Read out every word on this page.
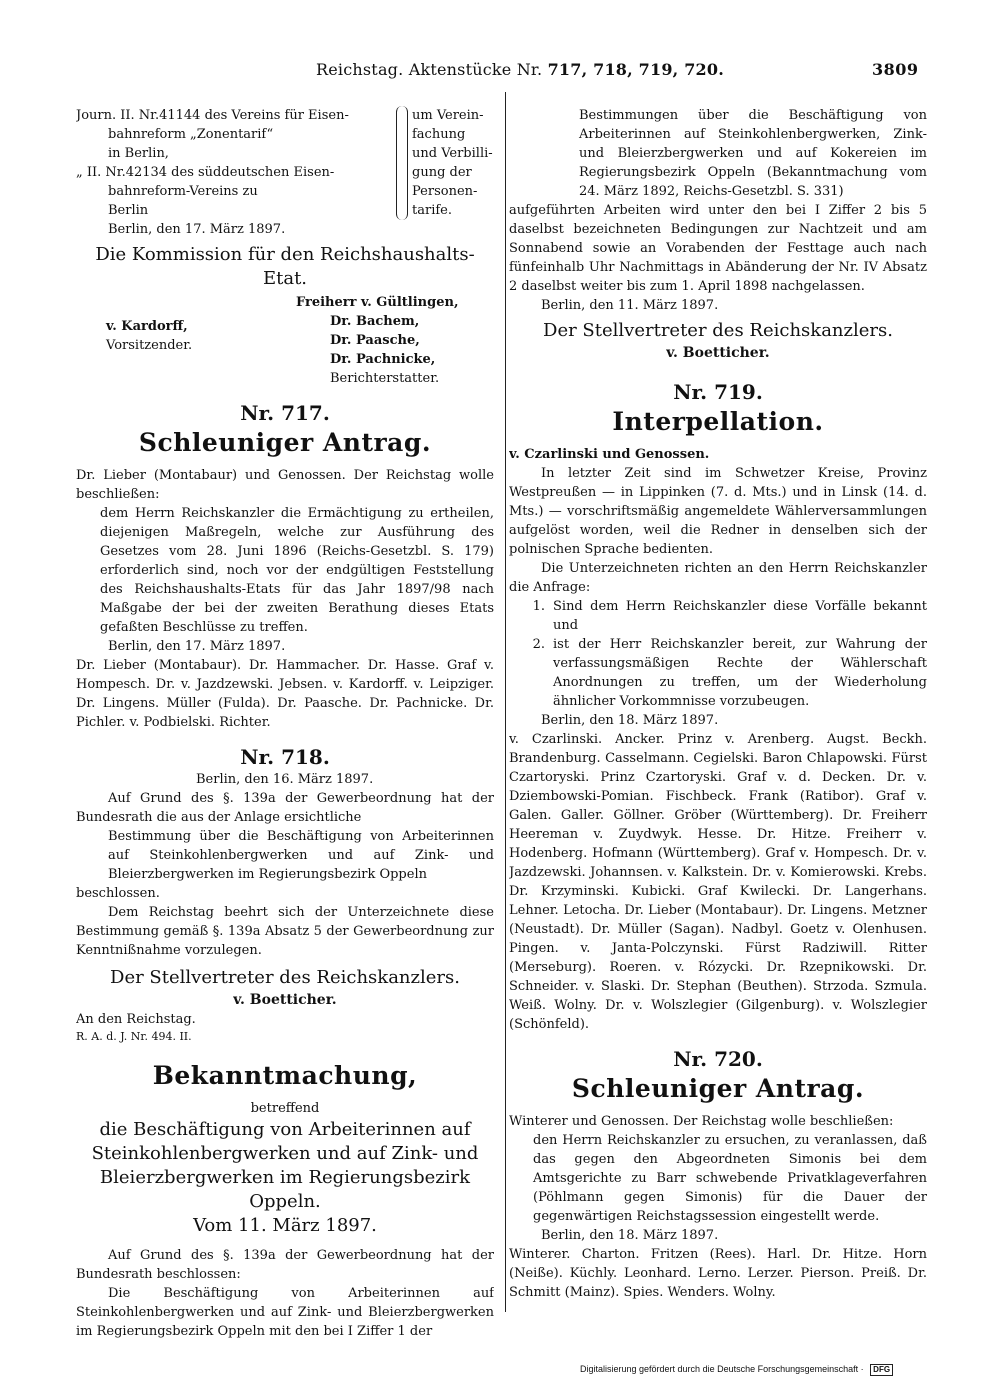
Reichstag. Aktenstücke Nr. 717, 718, 719, 720.	3809

Journ. II. Nr.41144 des Vereins für Eisen-

bahnreform „Zonentarif“

in Berlin,

„ II. Nr.42134 des süddeutschen Eisen-

bahnreform-Vereins zu

Berlin

um Verein-fachung und Verbilli-gung der Personen-tarife.

Berlin, den 17. März 1897.

Die Kommission für den Reichshaushalts-Etat.

v. Kardorff,
Vorsitzender.
Freiherr v. Gültlingen,
Dr. Bachem,
Dr. Paasche,
Dr. Pachnicke,
Berichterstatter.

Nr. 717.

Schleuniger Antrag.

Dr. Lieber (Montabaur) und Genossen. Der Reichstag wolle beschließen:

dem Herrn Reichskanzler die Ermächtigung zu ertheilen, diejenigen Maßregeln, welche zur Ausführung des Gesetzes vom 28. Juni 1896 (Reichs-Gesetzbl. S. 179) erforderlich sind, noch vor der endgültigen Feststellung des Reichshaushalts-Etats für das Jahr 1897/98 nach Maßgabe der bei der zweiten Berathung dieses Etats gefaßten Beschlüsse zu treffen.

Berlin, den 17. März 1897.

Dr. Lieber (Montabaur). Dr. Hammacher. Dr. Hasse. Graf v. Hompesch. Dr. v. Jazdzewski. Jebsen. v. Kardorff. v. Leipziger. Dr. Lingens. Müller (Fulda). Dr. Paasche. Dr. Pachnicke. Dr. Pichler. v. Podbielski. Richter.

Nr. 718.

Berlin, den 16. März 1897.

Auf Grund des §. 139a der Gewerbeordnung hat der Bundesrath die aus der Anlage ersichtliche

Bestimmung über die Beschäftigung von Arbeiterinnen auf Steinkohlenbergwerken und auf Zink- und Bleierzbergwerken im Regierungsbezirk Oppeln

beschlossen.

Dem Reichstag beehrt sich der Unterzeichnete diese Bestimmung gemäß §. 139a Absatz 5 der Gewerbeordnung zur Kenntnißnahme vorzulegen.

Der Stellvertreter des Reichskanzlers.

v. Boetticher.

An den Reichstag.

R. A. d. J. Nr. 494. II.

Bekanntmachung,

betreffend

die Beschäftigung von Arbeiterinnen auf Steinkohlenbergwerken und auf Zink- und Bleierzbergwerken im Regierungsbezirk Oppeln.

Vom 11. März 1897.

Auf Grund des §. 139a der Gewerbeordnung hat der Bundesrath beschlossen:

Die Beschäftigung von Arbeiterinnen auf Steinkohlenbergwerken und auf Zink- und Bleierzbergwerken im Regierungsbezirk Oppeln mit den bei I Ziffer 1 der

Bestimmungen über die Beschäftigung von Arbeiterinnen auf Steinkohlenbergwerken, Zink- und Bleierzbergwerken und auf Kokereien im Regierungsbezirk Oppeln (Bekanntmachung vom 24. März 1892, Reichs-Gesetzbl. S. 331)

aufgeführten Arbeiten wird unter den bei I Ziffer 2 bis 5 daselbst bezeichneten Bedingungen zur Nachtzeit und am Sonnabend sowie an Vorabenden der Festtage auch nach fünfeinhalb Uhr Nachmittags in Abänderung der Nr. IV Absatz 2 daselbst weiter bis zum 1. April 1898 nachgelassen.

Berlin, den 11. März 1897.

Der Stellvertreter des Reichskanzlers.

v. Boetticher.

Nr. 719.

Interpellation.

v. Czarlinski und Genossen.

In letzter Zeit sind im Schwetzer Kreise, Provinz Westpreußen — in Lippinken (7. d. Mts.) und in Linsk (14. d. Mts.) — vorschriftsmäßig angemeldete Wählerversammlungen aufgelöst worden, weil die Redner in denselben sich der polnischen Sprache bedienten.

Die Unterzeichneten richten an den Herrn Reichskanzler die Anfrage:

1. Sind dem Herrn Reichskanzler diese Vorfälle bekannt und
2. ist der Herr Reichskanzler bereit, zur Wahrung der verfassungsmäßigen Rechte der Wählerschaft Anordnungen zu treffen, um der Wiederholung ähnlicher Vorkommnisse vorzubeugen.

Berlin, den 18. März 1897.

v. Czarlinski. Ancker. Prinz v. Arenberg. Augst. Beckh. Brandenburg. Casselmann. Cegielski. Baron Chlapowski. Fürst Czartoryski. Prinz Czartoryski. Graf v. d. Decken. Dr. v. Dziembowski-Pomian. Fischbeck. Frank (Ratibor). Graf v. Galen. Galler. Göllner. Gröber (Württemberg). Dr. Freiherr Heereman v. Zuydwyk. Hesse. Dr. Hitze. Freiherr v. Hodenberg. Hofmann (Württemberg). Graf v. Hompesch. Dr. v. Jazdzewski. Johannsen. v. Kalkstein. Dr. v. Komierowski. Krebs. Dr. Krzyminski. Kubicki. Graf Kwilecki. Dr. Langerhans. Lehner. Letocha. Dr. Lieber (Montabaur). Dr. Lingens. Metzner (Neustadt). Dr. Müller (Sagan). Nadbyl. Goetz v. Olenhusen. Pingen. v. Janta-Polczynski. Fürst Radziwill. Ritter (Merseburg). Roeren. v. Rózycki. Dr. Rzepnikowski. Dr. Schneider. v. Slaski. Dr. Stephan (Beuthen). Strzoda. Szmula. Weiß. Wolny. Dr. v. Wolszlegier (Gilgenburg). v. Wolszlegier (Schönfeld).

Nr. 720.

Schleuniger Antrag.

Winterer und Genossen. Der Reichstag wolle beschließen:

den Herrn Reichskanzler zu ersuchen, zu veranlassen, daß das gegen den Abgeordneten Simonis bei dem Amtsgerichte zu Barr schwebende Privatklageverfahren (Pöhlmann gegen Simonis) für die Dauer der gegenwärtigen Reichstagssession eingestellt werde.

Berlin, den 18. März 1897.

Winterer. Charton. Fritzen (Rees). Harl. Dr. Hitze. Horn (Neiße). Küchly. Leonhard. Lerno. Lerzer. Pierson. Preiß. Dr. Schmitt (Mainz). Spies. Wenders. Wolny.

Digitalisierung gefördert durch die Deutsche Forschungsgemeinschaft · DFG
